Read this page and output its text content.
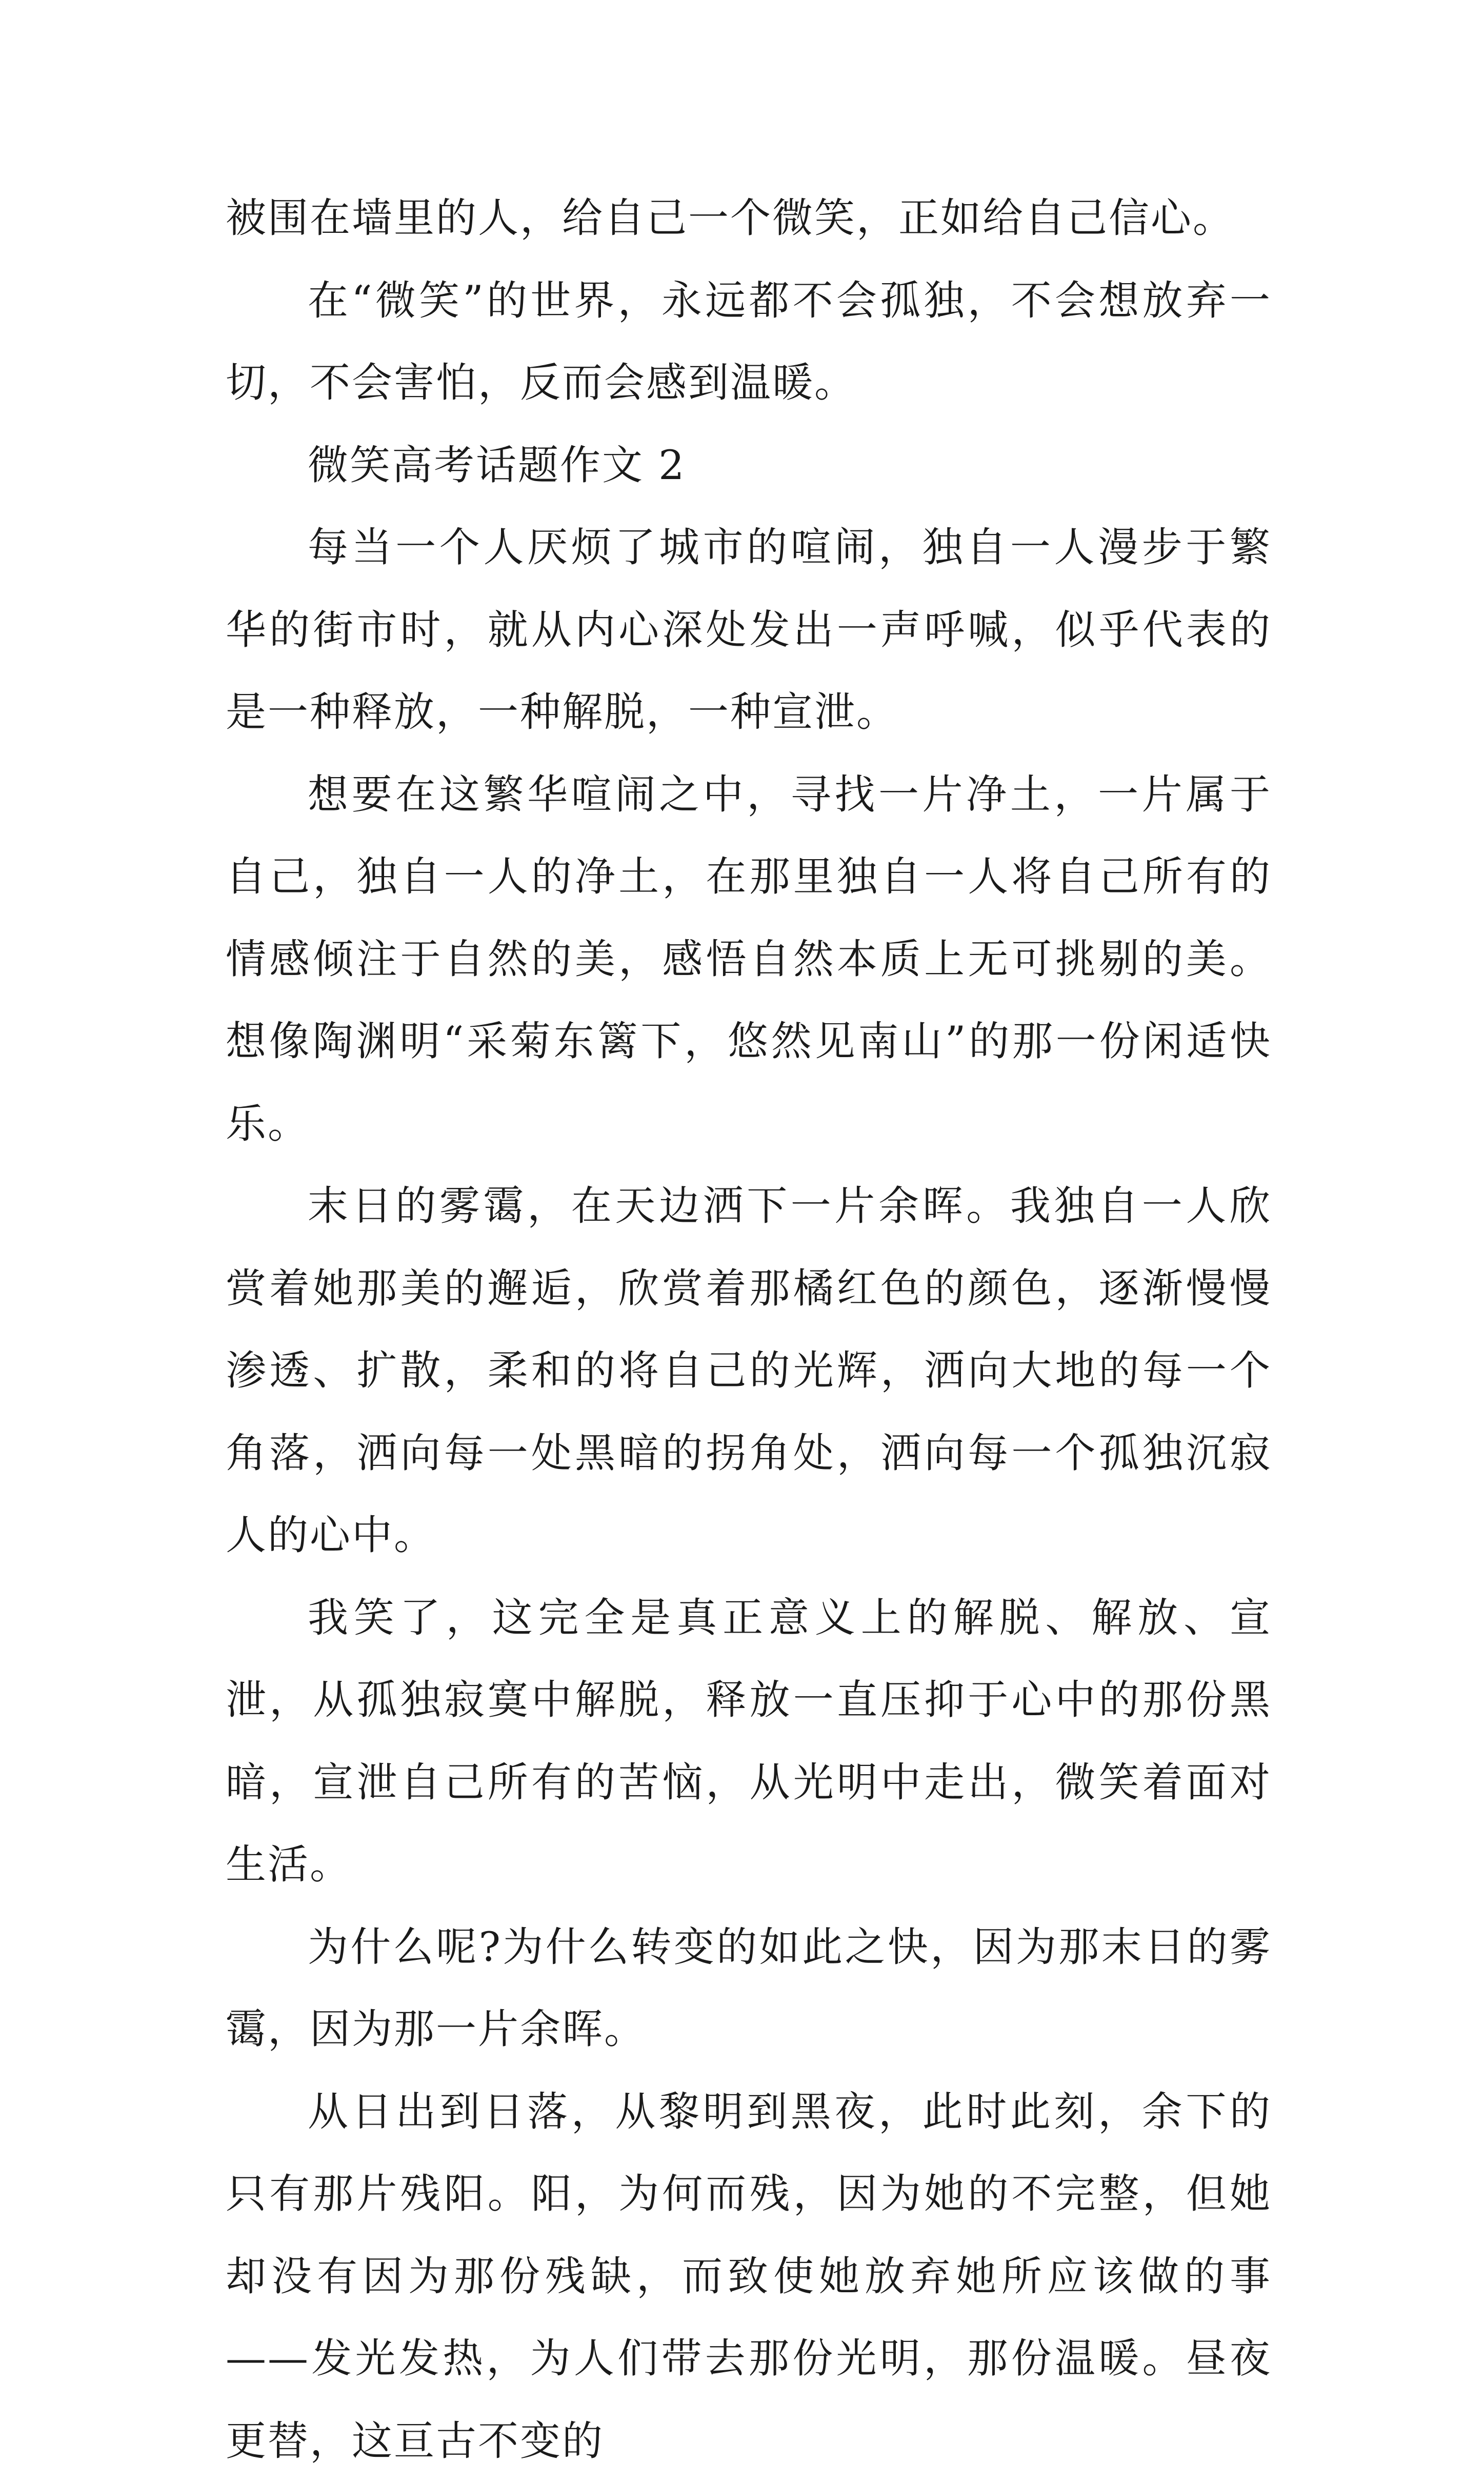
被围在墙里的人，给自己一个微笑，正如给自己信心。

在“微笑”的世界，永远都不会孤独，不会想放弃一切，不会害怕，反而会感到温暖。

微笑高考话题作文 2

每当一个人厌烦了城市的喧闹，独自一人漫步于繁华的街市时，就从内心深处发出一声呼喊，似乎代表的是一种释放，一种解脱，一种宣泄。

想要在这繁华喧闹之中，寻找一片净土，一片属于自己，独自一人的净土，在那里独自一人将自己所有的情感倾注于自然的美，感悟自然本质上无可挑剔的美。想像陶渊明“采菊东篱下，悠然见南山”的那一份闲适快乐。

末日的雾霭，在天边洒下一片余晖。我独自一人欣赏着她那美的邂逅，欣赏着那橘红色的颜色，逐渐慢慢渗透、扩散，柔和的将自己的光辉，洒向大地的每一个角落，洒向每一处黑暗的拐角处，洒向每一个孤独沉寂人的心中。

我笑了，这完全是真正意义上的解脱、解放、宣泄，从孤独寂寞中解脱，释放一直压抑于心中的那份黑暗，宣泄自己所有的苦恼，从光明中走出，微笑着面对生活。

为什么呢?为什么转变的如此之快，因为那末日的雾霭，因为那一片余晖。

从日出到日落，从黎明到黑夜，此时此刻，余下的只有那片残阳。阳，为何而残，因为她的不完整，但她却没有因为那份残缺，而致使她放弃她所应该做的事——发光发热，为人们带去那份光明，那份温暖。昼夜更替，这亘古不变的
